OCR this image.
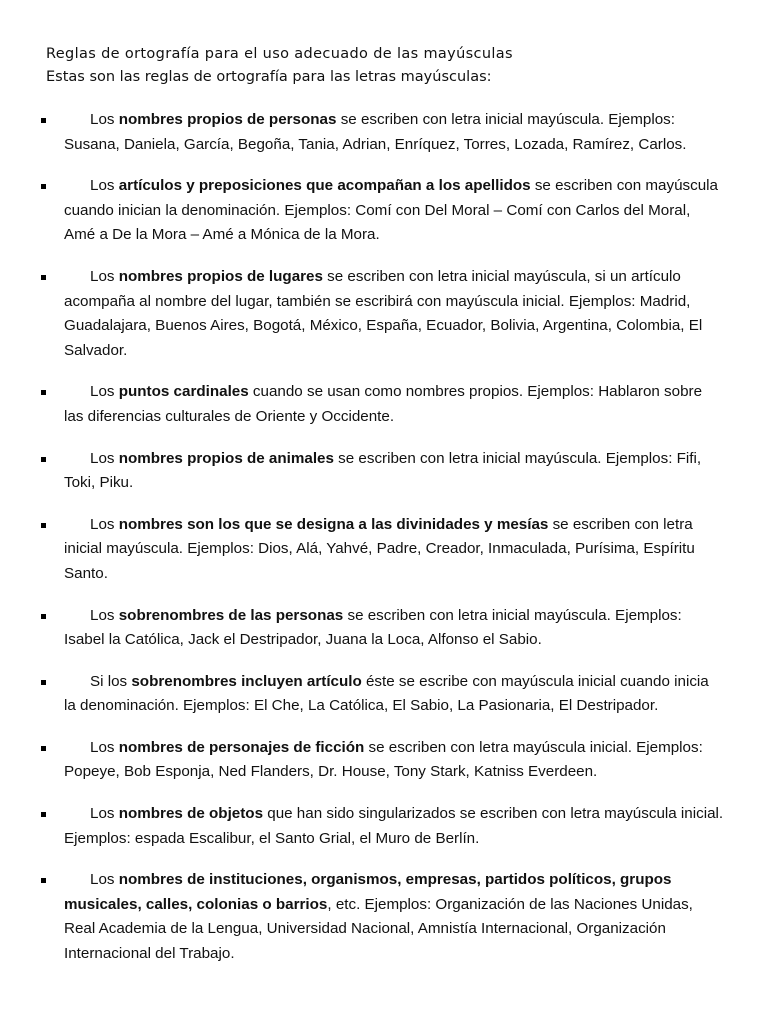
Reglas de ortografía para el uso adecuado de las mayúsculas
Estas son las reglas de ortografía para las letras mayúsculas:
Los nombres propios de personas se escriben con letra inicial mayúscula. Ejemplos: Susana, Daniela, García, Begoña, Tania, Adrian, Enríquez, Torres, Lozada, Ramírez, Carlos.
Los artículos y preposiciones que acompañan a los apellidos se escriben con mayúscula cuando inician la denominación. Ejemplos: Comí con Del Moral – Comí con Carlos del Moral, Amé a De la Mora – Amé a Mónica de la Mora.
Los nombres propios de lugares se escriben con letra inicial mayúscula, si un artículo acompaña al nombre del lugar, también se escribirá con mayúscula inicial. Ejemplos: Madrid, Guadalajara, Buenos Aires, Bogotá, México, España, Ecuador, Bolivia, Argentina, Colombia, El Salvador.
Los puntos cardinales cuando se usan como nombres propios. Ejemplos: Hablaron sobre las diferencias culturales de Oriente y Occidente.
Los nombres propios de animales se escriben con letra inicial mayúscula. Ejemplos: Fifi, Toki, Piku.
Los nombres son los que se designa a las divinidades y mesías se escriben con letra inicial mayúscula. Ejemplos: Dios, Alá, Yahvé, Padre, Creador, Inmaculada, Purísima, Espíritu Santo.
Los sobrenombres de las personas se escriben con letra inicial mayúscula. Ejemplos: Isabel la Católica, Jack el Destripador, Juana la Loca, Alfonso el Sabio.
Si los sobrenombres incluyen artículo éste se escribe con mayúscula inicial cuando inicia la denominación. Ejemplos: El Che, La Católica, El Sabio, La Pasionaria, El Destripador.
Los nombres de personajes de ficción se escriben con letra mayúscula inicial. Ejemplos: Popeye, Bob Esponja, Ned Flanders, Dr. House, Tony Stark, Katniss Everdeen.
Los nombres de objetos que han sido singularizados se escriben con letra mayúscula inicial. Ejemplos: espada Escalibur, el Santo Grial, el Muro de Berlín.
Los nombres de instituciones, organismos, empresas, partidos políticos, grupos musicales, calles, colonias o barrios, etc. Ejemplos: Organización de las Naciones Unidas, Real Academia de la Lengua, Universidad Nacional, Amnistía Internacional, Organización Internacional del Trabajo.
